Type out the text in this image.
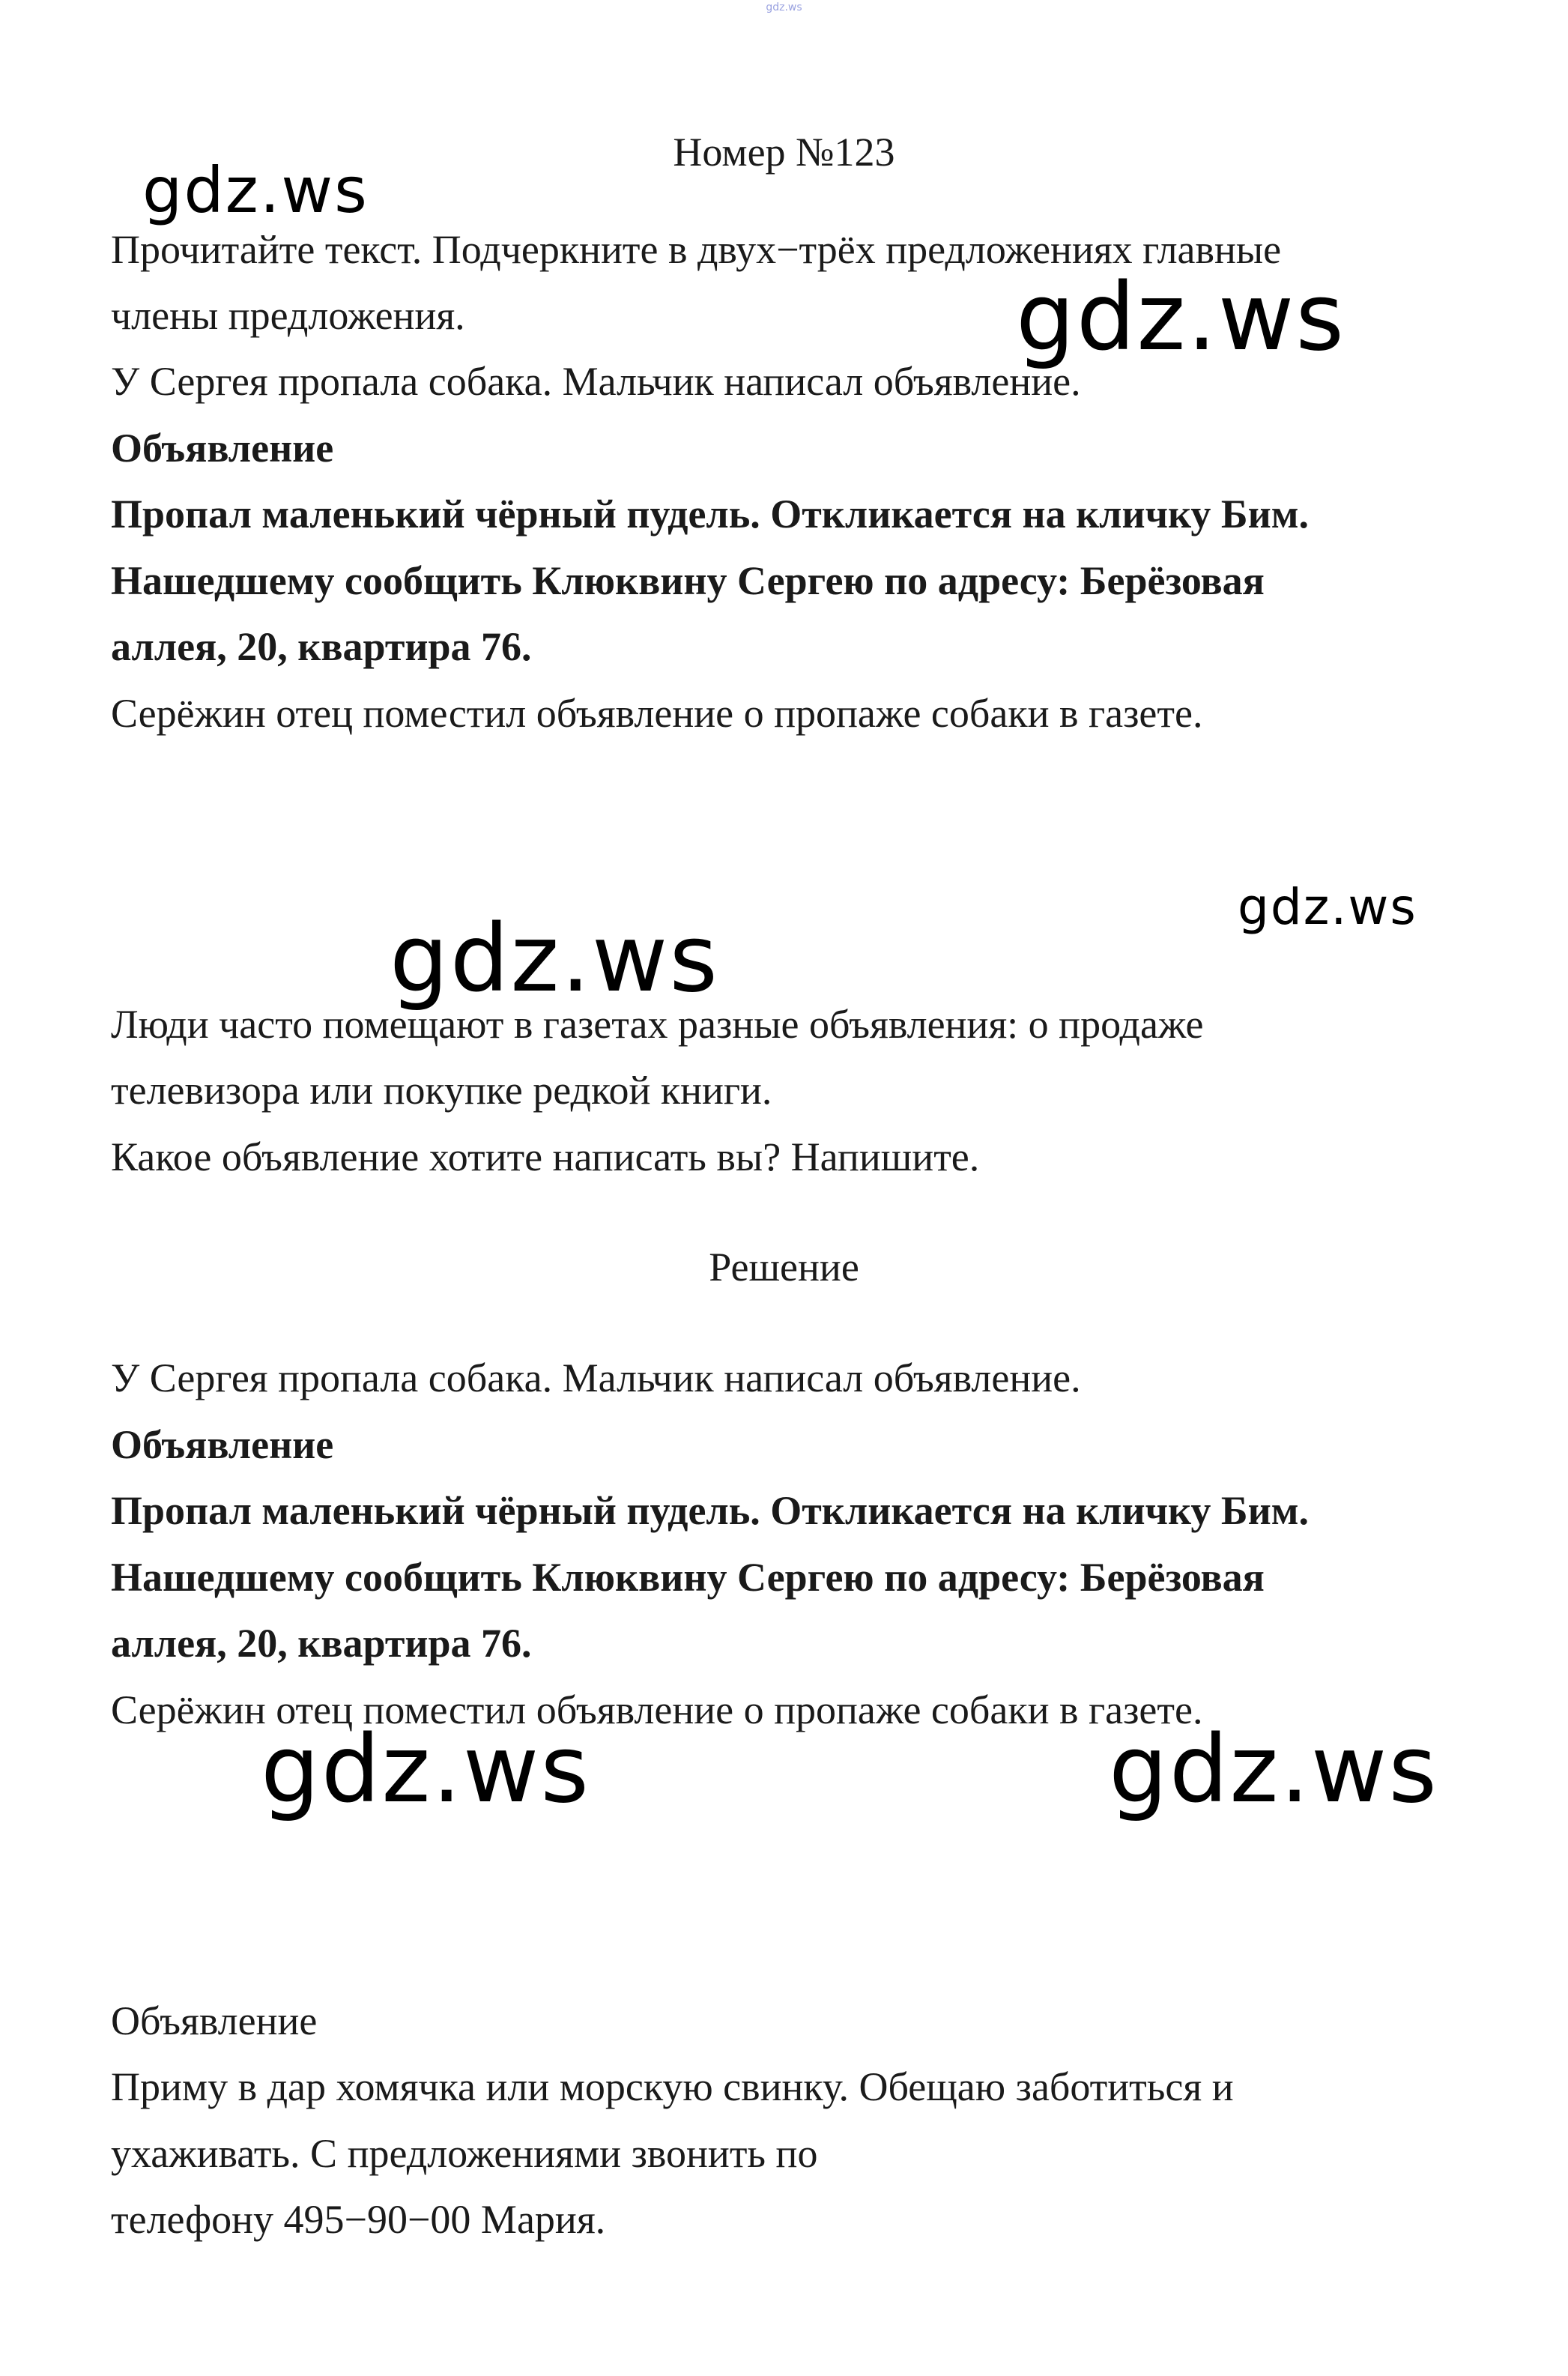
gdz.ws
Номер №123
Прочитайте текст. Подчеркните в двух−трёх предложениях главные
члены предложения.
У Сергея пропала собака. Мальчик написал объявление.
Объявление
Пропал маленький чёрный пудель. Откликается на кличку Бим.
Нашедшему сообщить Клюквину Сергею по адресу: Берёзовая
аллея, 20, квартира 76.
Серёжин отец поместил объявление о пропаже собаки в газете.
Люди часто помещают в газетах разные объявления: о продаже
телевизора или покупке редкой книги.
Какое объявление хотите написать вы? Напишите.
Решение
У Сергея пропала собака. Мальчик написал объявление.
Объявление
Пропал маленький чёрный пудель. Откликается на кличку Бим.
Нашедшему сообщить Клюквину Сергею по адресу: Берёзовая
аллея, 20, квартира 76.
Серёжин отец поместил объявление о пропаже собаки в газете.
Объявление
Приму в дар хомячка или морскую свинку. Обещаю заботиться и
ухаживать. С предложениями звонить по
телефону 495−90−00 Мария.
gdz.ws
gdz.ws
gdz.ws
gdz.ws
gdz.ws	gdz.ws
